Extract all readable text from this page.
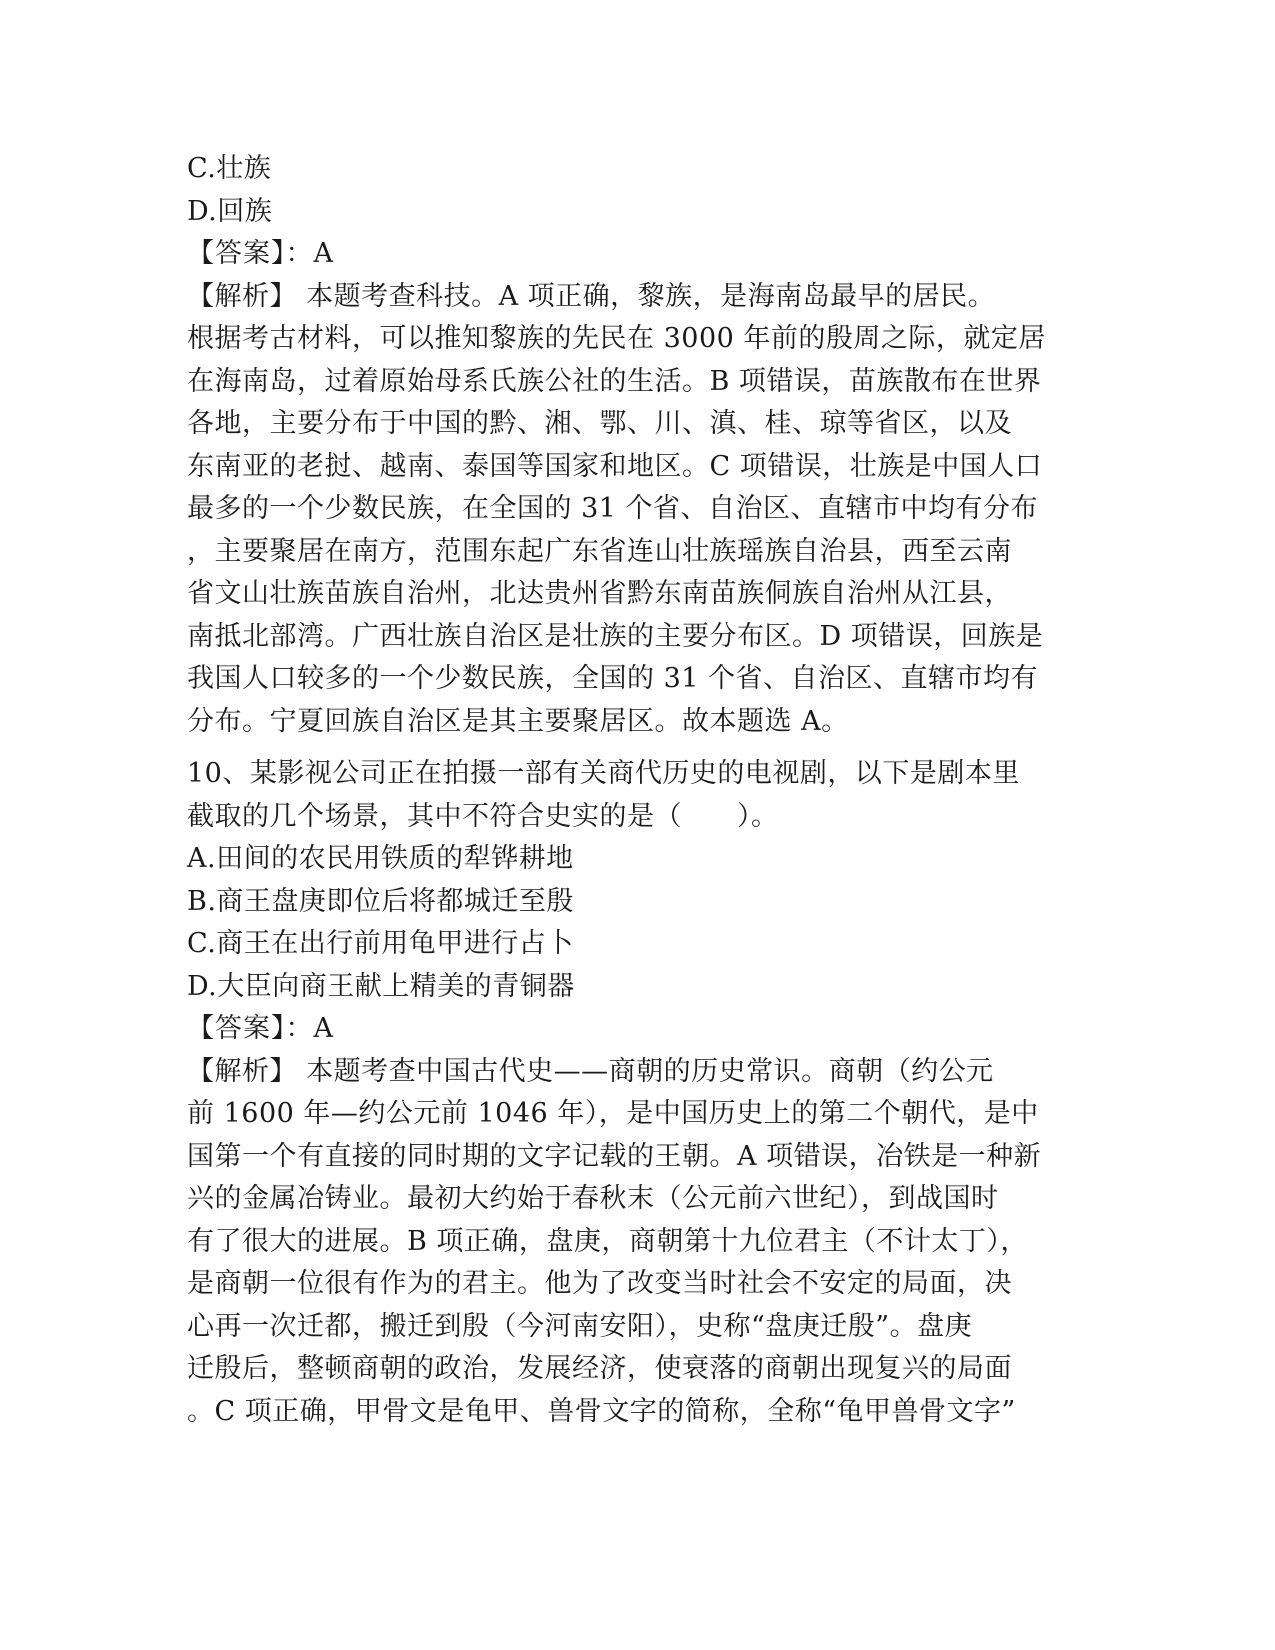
C.壮族
D.回族
【答案】：A
【解析】 本题考查科技。A 项正确，黎族，是海南岛最早的居民。
根据考古材料，可以推知黎族的先民在 3000 年前的殷周之际，就定居
在海南岛，过着原始母系氏族公社的生活。B 项错误，苗族散布在世界
各地，主要分布于中国的黔、湘、鄂、川、滇、桂、琼等省区，以及
东南亚的老挝、越南、泰国等国家和地区。C 项错误，壮族是中国人口
最多的一个少数民族，在全国的 31 个省、自治区、直辖市中均有分布
，主要聚居在南方，范围东起广东省连山壮族瑶族自治县，西至云南
省文山壮族苗族自治州，北达贵州省黔东南苗族侗族自治州从江县，
南抵北部湾。广西壮族自治区是壮族的主要分布区。D 项错误，回族是
我国人口较多的一个少数民族，全国的 31 个省、自治区、直辖市均有
分布。宁夏回族自治区是其主要聚居区。故本题选 A。
10、某影视公司正在拍摄一部有关商代历史的电视剧，以下是剧本里
截取的几个场景，其中不符合史实的是（　　）。
A.田间的农民用铁质的犁铧耕地
B.商王盘庚即位后将都城迁至殷
C.商王在出行前用龟甲进行占卜
D.大臣向商王献上精美的青铜器
【答案】：A
【解析】 本题考查中国古代史——商朝的历史常识。商朝（约公元
前 1600 年—约公元前 1046 年），是中国历史上的第二个朝代，是中
国第一个有直接的同时期的文字记载的王朝。A 项错误，冶铁是一种新
兴的金属冶铸业。最初大约始于春秋末（公元前六世纪），到战国时
有了很大的进展。B 项正确，盘庚，商朝第十九位君主（不计太丁），
是商朝一位很有作为的君主。他为了改变当时社会不安定的局面，决
心再一次迁都，搬迁到殷（今河南安阳），史称“盘庚迁殷”。盘庚
迁殷后，整顿商朝的政治，发展经济，使衰落的商朝出现复兴的局面
。C 项正确，甲骨文是龟甲、兽骨文字的简称，全称“龟甲兽骨文字”
